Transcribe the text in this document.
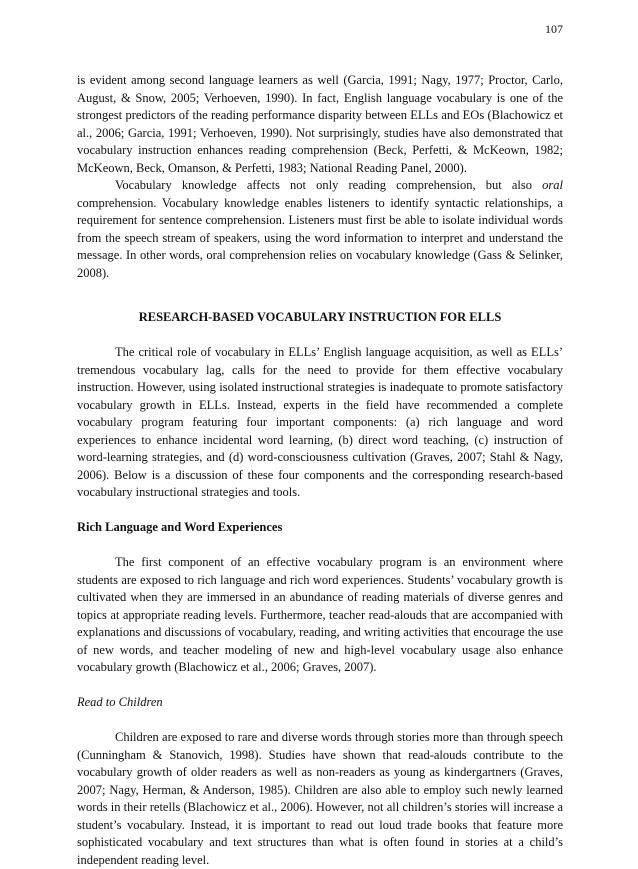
107

is evident among second language learners as well (Garcia, 1991; Nagy, 1977; Proctor, Carlo, August, & Snow, 2005; Verhoeven, 1990). In fact, English language vocabulary is one of the strongest predictors of the reading performance disparity between ELLs and EOs (Blachowicz et al., 2006; Garcia, 1991; Verhoeven, 1990). Not surprisingly, studies have also demonstrated that vocabulary instruction enhances reading comprehension (Beck, Perfetti, & McKeown, 1982; McKeown, Beck, Omanson, & Perfetti, 1983; National Reading Panel, 2000).

Vocabulary knowledge affects not only reading comprehension, but also oral comprehension. Vocabulary knowledge enables listeners to identify syntactic relationships, a requirement for sentence comprehension. Listeners must first be able to isolate individual words from the speech stream of speakers, using the word information to interpret and understand the message. In other words, oral comprehension relies on vocabulary knowledge (Gass & Selinker, 2008).

RESEARCH-BASED VOCABULARY INSTRUCTION FOR ELLS

The critical role of vocabulary in ELLs’ English language acquisition, as well as ELLs’ tremendous vocabulary lag, calls for the need to provide for them effective vocabulary instruction. However, using isolated instructional strategies is inadequate to promote satisfactory vocabulary growth in ELLs. Instead, experts in the field have recommended a complete vocabulary program featuring four important components: (a) rich language and word experiences to enhance incidental word learning, (b) direct word teaching, (c) instruction of word-learning strategies, and (d) word-consciousness cultivation (Graves, 2007; Stahl & Nagy, 2006). Below is a discussion of these four components and the corresponding research-based vocabulary instructional strategies and tools.

Rich Language and Word Experiences

The first component of an effective vocabulary program is an environment where students are exposed to rich language and rich word experiences. Students’ vocabulary growth is cultivated when they are immersed in an abundance of reading materials of diverse genres and topics at appropriate reading levels. Furthermore, teacher read-alouds that are accompanied with explanations and discussions of vocabulary, reading, and writing activities that encourage the use of new words, and teacher modeling of new and high-level vocabulary usage also enhance vocabulary growth (Blachowicz et al., 2006; Graves, 2007).

Read to Children

Children are exposed to rare and diverse words through stories more than through speech (Cunningham & Stanovich, 1998). Studies have shown that read-alouds contribute to the vocabulary growth of older readers as well as non-readers as young as kindergartners (Graves, 2007; Nagy, Herman, & Anderson, 1985). Children are also able to employ such newly learned words in their retells (Blachowicz et al., 2006). However, not all children’s stories will increase a student’s vocabulary. Instead, it is important to read out loud trade books that feature more sophisticated vocabulary and text structures than what is often found in stories at a child’s independent reading level.
